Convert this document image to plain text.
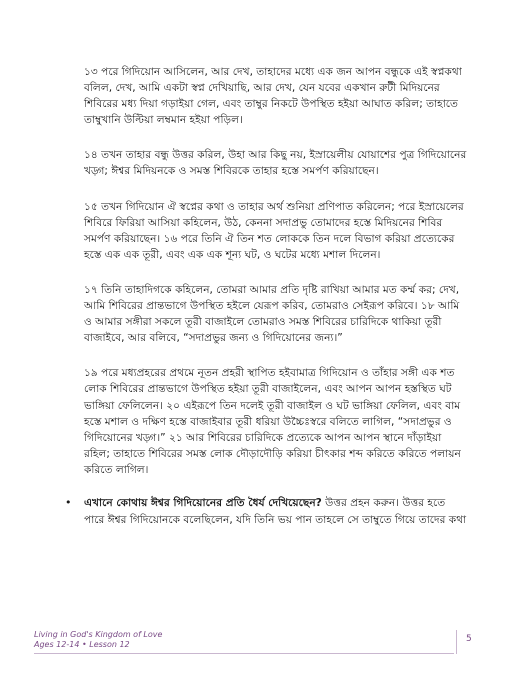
১৩ পরে গিদিয়োন আসিলেন, আর দেখ, তাহাদের মধ্যে এক জন আপন বন্ধুকে এই স্বপ্নকথা বলিল, দেখ, আমি একটা স্বপ্ন দেখিয়াছি, আর দেখ, যেন যবের একখান রুটী মিদিয়নের শিবিরের মধ্য দিয়া গড়াইয়া গেল, এবং তাম্বুর নিকটে উপস্থিত হইয়া আঘাত করিল; তাহাতে তাম্বুখানি উল্টিয়া লম্বমান হইয়া পড়িল।

১৪ তখন তাহার বন্ধু উত্তর করিল, উহা আর কিছু নয়, ইস্রায়েলীয় যোয়াশের পুত্র গিদিয়োনের খড়্গ; ঈশ্বর মিদিয়নকে ও সমস্ত শিবিরকে তাহার হস্তে সমর্পণ করিয়াছেন।

১৫ তখন গিদিয়োন ঐ স্বপ্নের কথা ও তাহার অর্থ শুনিয়া প্রণিপাত করিলেন; পরে ইস্রায়েলের শিবিরে ফিরিয়া আসিয়া কহিলেন, উঠ, কেননা সদাপ্রভু তোমাদের হস্তে মিদিয়নের শিবির সমর্পণ করিয়াছেন। ১৬ পরে তিনি ঐ তিন শত লোককে তিন দলে বিভাগ করিয়া প্রত্যেকের হস্তে এক এক তূরী, এবং এক এক শূন্য ঘট, ও ঘটের মধ্যে মশাল দিলেন।

১৭ তিনি তাহাদিগকে কহিলেন, তোমরা আমার প্রতি দৃষ্টি রাখিয়া আমার মত কর্ম্ম কর; দেখ, আমি শিবিরের প্রান্তভাগে উপস্থিত হইলে যেরূপ করিব, তোমরাও সেইরূপ করিবে। ১৮ আমি ও আমার সঙ্গীরা সকলে তূরী বাজাইলে তোমরাও সমস্ত শিবিরের চারিদিকে থাকিয়া তূরী বাজাইবে, আর বলিবে, “সদাপ্রভুর জন্য ও গিদিয়োনের জন্য।”

১৯ পরে মধ্যপ্রহরের প্রথমে নূতন প্রহরী স্থাপিত হইবামাত্র গিদিয়োন ও তাঁহার সঙ্গী এক শত লোক শিবিরের প্রান্তভাগে উপস্থিত হইয়া তূরী বাজাইলেন, এবং আপন আপন হস্তস্থিত ঘট ভাঙ্গিয়া ফেলিলেন। ২০ এইরূপে তিন দলেই তূরী বাজাইল ও ঘট ভাঙ্গিয়া ফেলিল, এবং বাম হস্তে মশাল ও দক্ষিণ হস্তে বাজাইবার তূরী ধরিয়া উচ্চৈঃস্বরে বলিতে লাগিল, “সদাপ্রভুর ও গিদিয়োনের খড়্গ।” ২১ আর শিবিরের চারিদিকে প্রত্যেকে আপন আপন স্থানে দাঁড়াইয়া রহিল; তাহাতে শিবিরের সমস্ত লোক দৌড়াদৌড়ি করিয়া চীৎকার শব্দ করিতে করিতে পলায়ন করিতে লাগিল।

• এখানে কোথায় ঈশ্বর গিদিয়োনের প্রতি ধৈর্য দেখিয়েছেন? উত্তর প্রহন করুন। উত্তর হতে পারে ঈশ্বর গিদিয়োনকে বলেছিলেন, যদি তিনি ভয় পান তাহলে সে তাম্বুতে গিয়ে তাদের কথা

Living in God's Kingdom of Love
Ages 12-14 • Lesson 12
5
